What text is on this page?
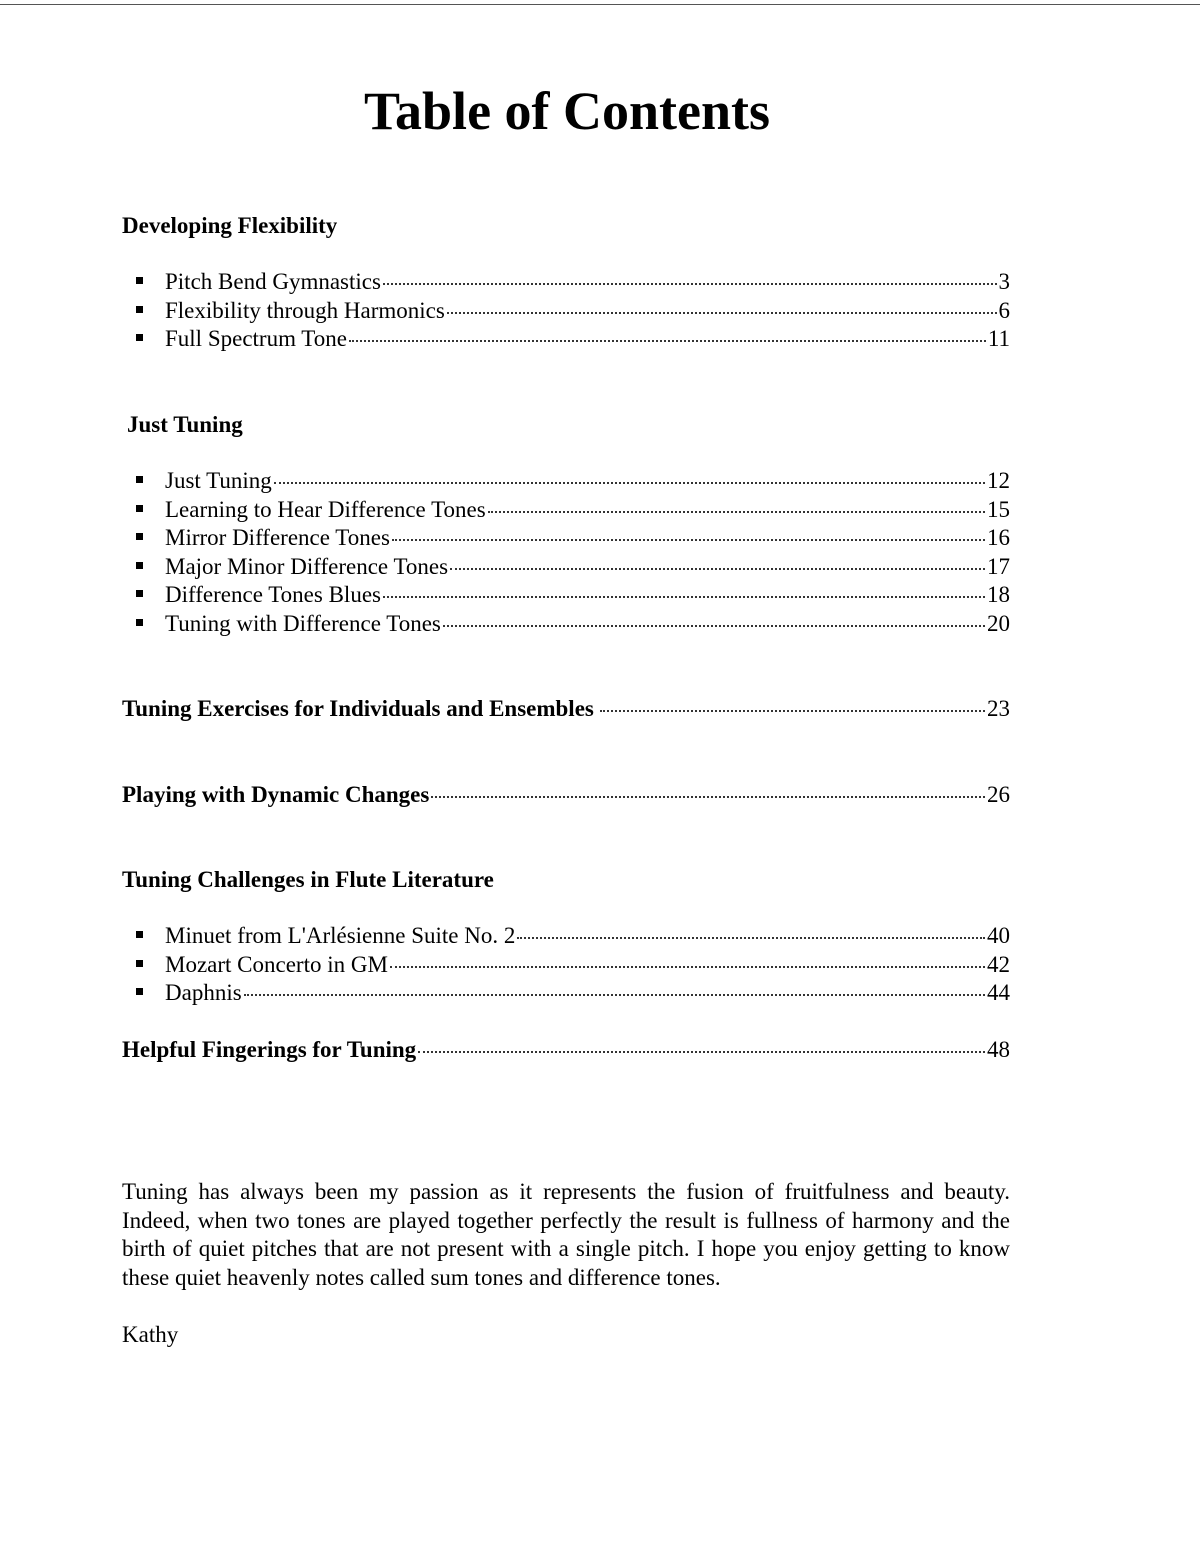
Table of Contents
Developing Flexibility
Pitch Bend Gymnastics	3
Flexibility through Harmonics	6
Full Spectrum Tone	11
Just Tuning
Just Tuning	12
Learning to Hear Difference Tones	15
Mirror Difference Tones	16
Major Minor Difference Tones	17
Difference Tones Blues	18
Tuning with Difference Tones	20
Tuning Exercises for Individuals and Ensembles	23
Playing with Dynamic Changes	26
Tuning Challenges in Flute Literature
Minuet from L'Arlésienne Suite No. 2	40
Mozart Concerto in GM	42
Daphnis	44
Helpful Fingerings for Tuning	48

Tuning has always been my passion as it represents the fusion of fruitfulness and beauty. Indeed, when two tones are played together perfectly the result is fullness of harmony and the birth of quiet pitches that are not present with a single pitch. I hope you enjoy getting to know these quiet heavenly notes called sum tones and difference tones.

Kathy
